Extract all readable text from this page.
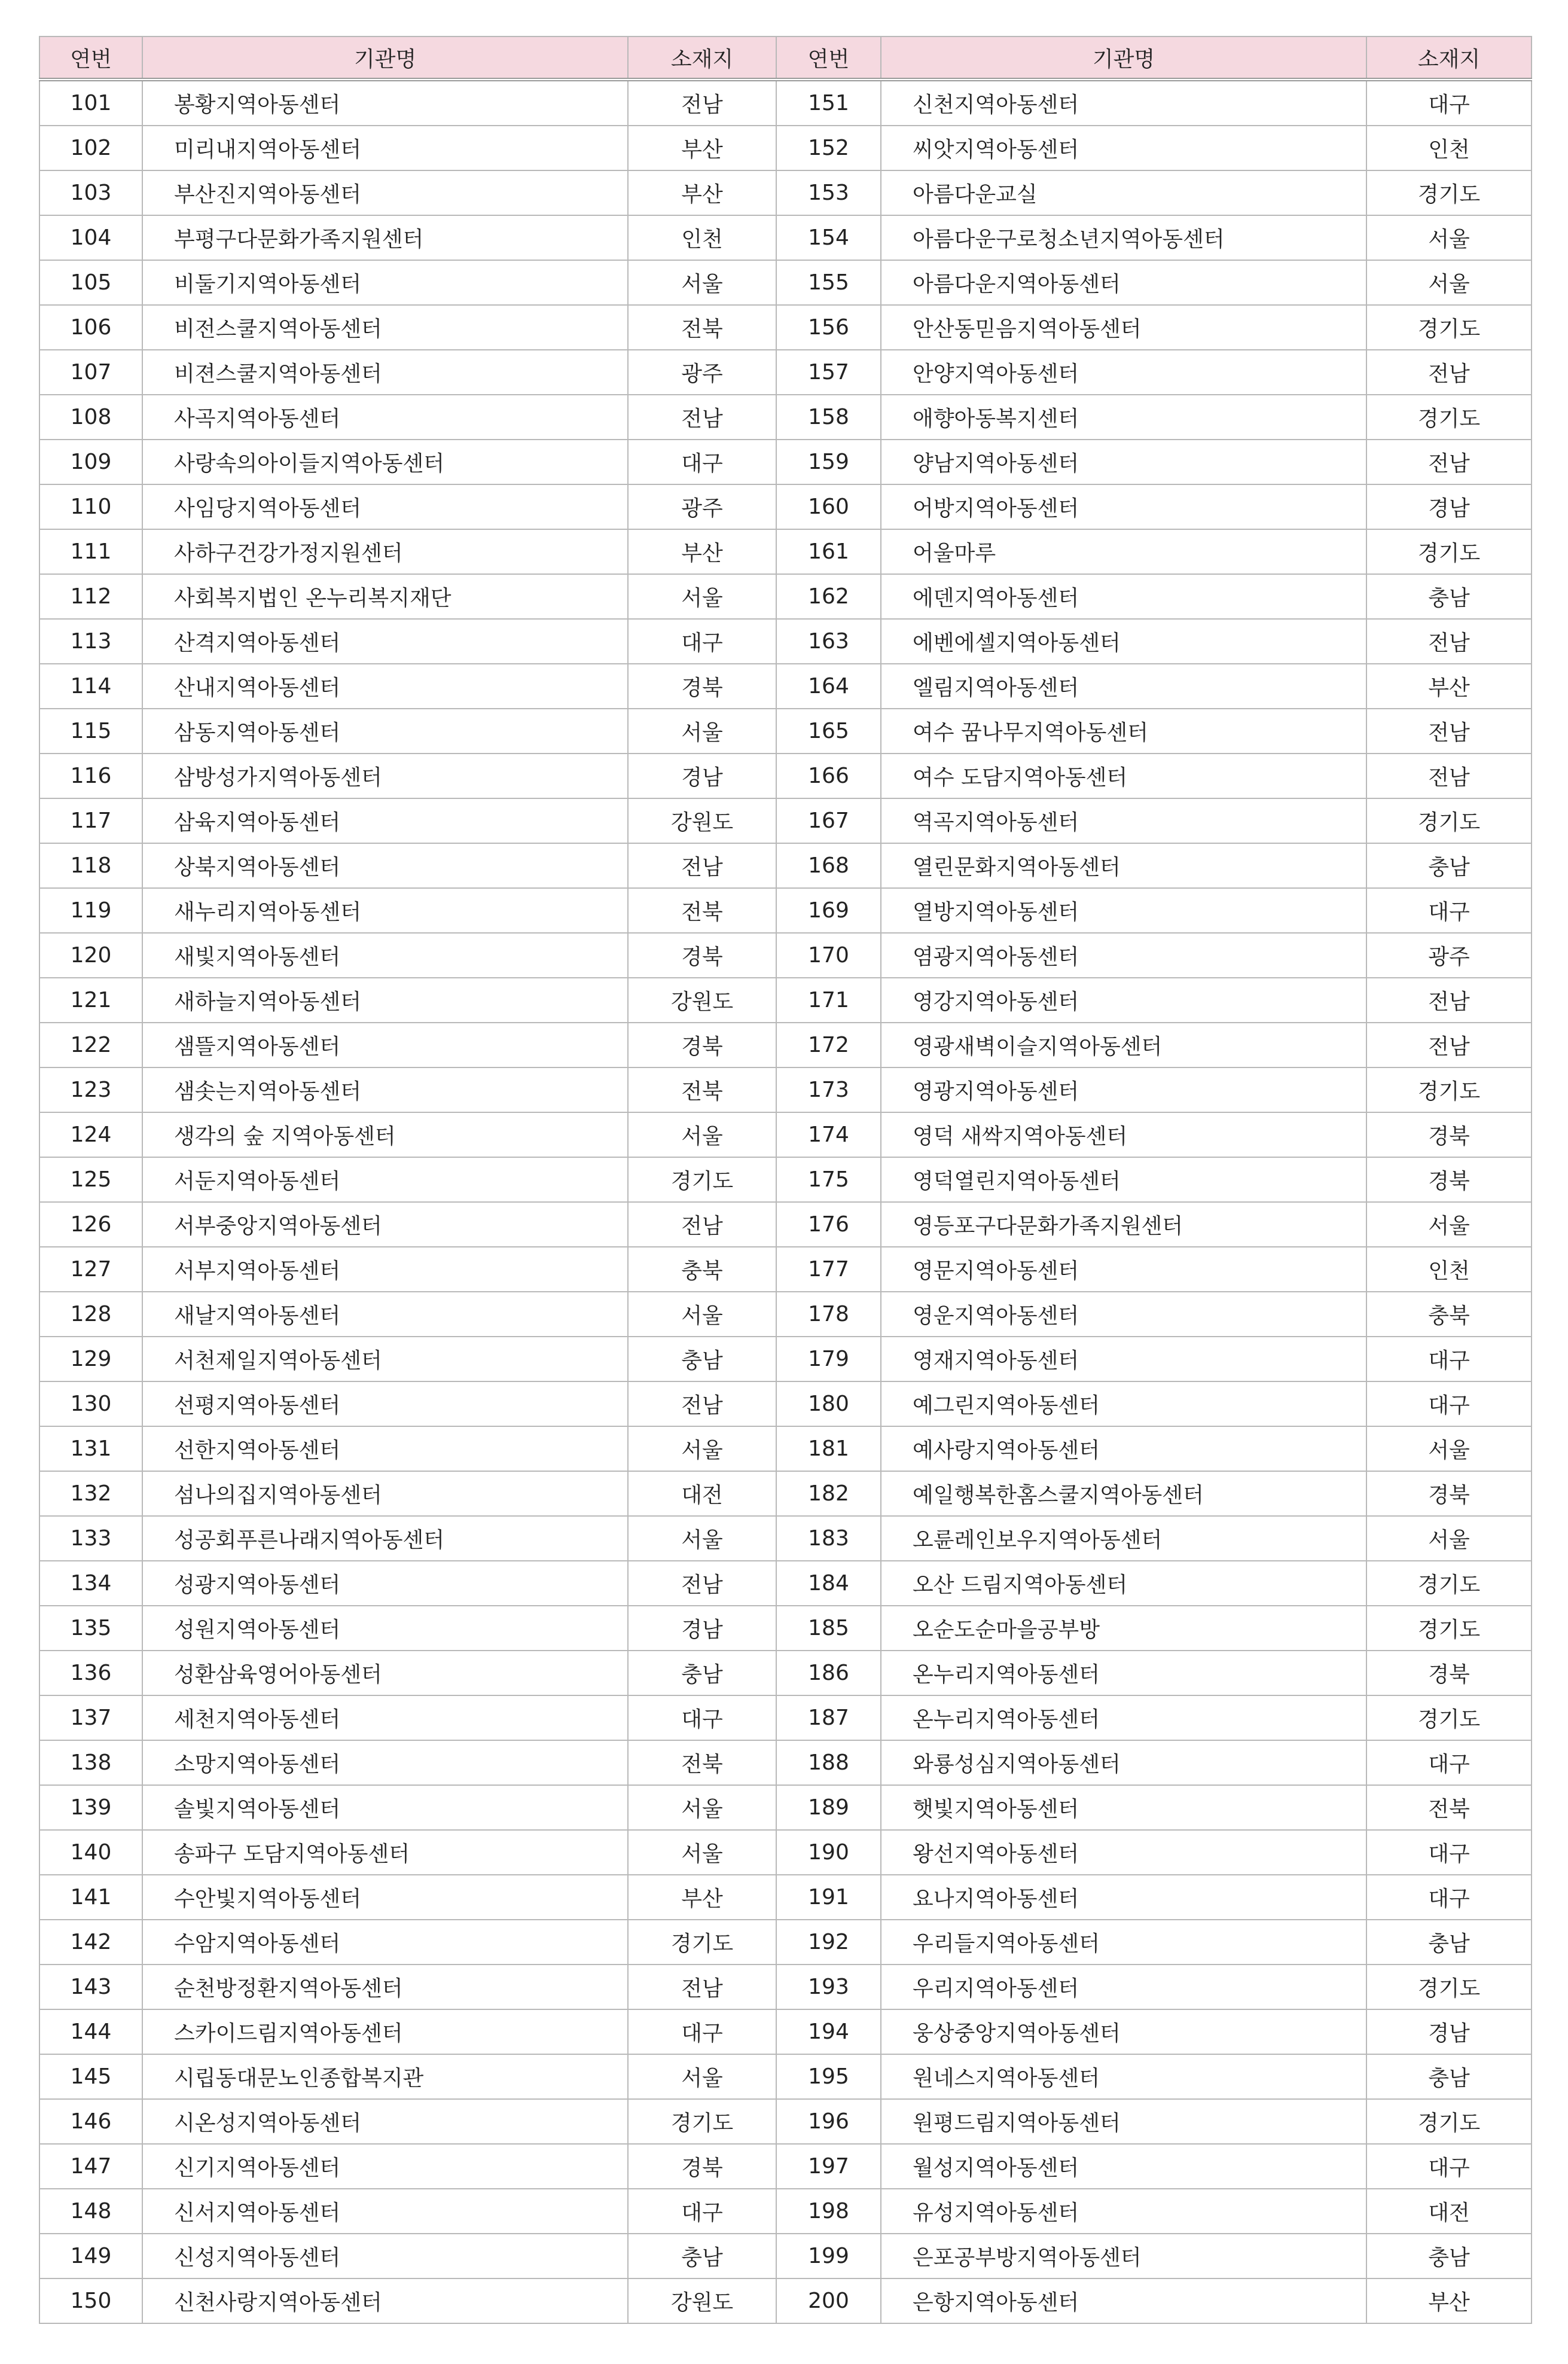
연번	기관명	소재지	연번	기관명	소재지
101	봉황지역아동센터	전남	151	신천지역아동센터	대구
102	미리내지역아동센터	부산	152	씨앗지역아동센터	인천
103	부산진지역아동센터	부산	153	아름다운교실	경기도
104	부평구다문화가족지원센터	인천	154	아름다운구로청소년지역아동센터	서울
105	비둘기지역아동센터	서울	155	아름다운지역아동센터	서울
106	비전스쿨지역아동센터	전북	156	안산동믿음지역아동센터	경기도
107	비젼스쿨지역아동센터	광주	157	안양지역아동센터	전남
108	사곡지역아동센터	전남	158	애향아동복지센터	경기도
109	사랑속의아이들지역아동센터	대구	159	양남지역아동센터	전남
110	사임당지역아동센터	광주	160	어방지역아동센터	경남
111	사하구건강가정지원센터	부산	161	어울마루	경기도
112	사회복지법인 온누리복지재단	서울	162	에덴지역아동센터	충남
113	산격지역아동센터	대구	163	에벤에셀지역아동센터	전남
114	산내지역아동센터	경북	164	엘림지역아동센터	부산
115	삼동지역아동센터	서울	165	여수 꿈나무지역아동센터	전남
116	삼방성가지역아동센터	경남	166	여수 도담지역아동센터	전남
117	삼육지역아동센터	강원도	167	역곡지역아동센터	경기도
118	상북지역아동센터	전남	168	열린문화지역아동센터	충남
119	새누리지역아동센터	전북	169	열방지역아동센터	대구
120	새빛지역아동센터	경북	170	염광지역아동센터	광주
121	새하늘지역아동센터	강원도	171	영강지역아동센터	전남
122	샘뜰지역아동센터	경북	172	영광새벽이슬지역아동센터	전남
123	샘솟는지역아동센터	전북	173	영광지역아동센터	경기도
124	생각의 숲 지역아동센터	서울	174	영덕 새싹지역아동센터	경북
125	서둔지역아동센터	경기도	175	영덕열린지역아동센터	경북
126	서부중앙지역아동센터	전남	176	영등포구다문화가족지원센터	서울
127	서부지역아동센터	충북	177	영문지역아동센터	인천
128	새날지역아동센터	서울	178	영운지역아동센터	충북
129	서천제일지역아동센터	충남	179	영재지역아동센터	대구
130	선평지역아동센터	전남	180	예그린지역아동센터	대구
131	선한지역아동센터	서울	181	예사랑지역아동센터	서울
132	섬나의집지역아동센터	대전	182	예일행복한홈스쿨지역아동센터	경북
133	성공회푸른나래지역아동센터	서울	183	오륜레인보우지역아동센터	서울
134	성광지역아동센터	전남	184	오산 드림지역아동센터	경기도
135	성원지역아동센터	경남	185	오순도순마을공부방	경기도
136	성환삼육영어아동센터	충남	186	온누리지역아동센터	경북
137	세천지역아동센터	대구	187	온누리지역아동센터	경기도
138	소망지역아동센터	전북	188	와룡성심지역아동센터	대구
139	솔빛지역아동센터	서울	189	햇빛지역아동센터	전북
140	송파구 도담지역아동센터	서울	190	왕선지역아동센터	대구
141	수안빛지역아동센터	부산	191	요나지역아동센터	대구
142	수암지역아동센터	경기도	192	우리들지역아동센터	충남
143	순천방정환지역아동센터	전남	193	우리지역아동센터	경기도
144	스카이드림지역아동센터	대구	194	웅상중앙지역아동센터	경남
145	시립동대문노인종합복지관	서울	195	원네스지역아동센터	충남
146	시온성지역아동센터	경기도	196	원평드림지역아동센터	경기도
147	신기지역아동센터	경북	197	월성지역아동센터	대구
148	신서지역아동센터	대구	198	유성지역아동센터	대전
149	신성지역아동센터	충남	199	은포공부방지역아동센터	충남
150	신천사랑지역아동센터	강원도	200	은항지역아동센터	부산
